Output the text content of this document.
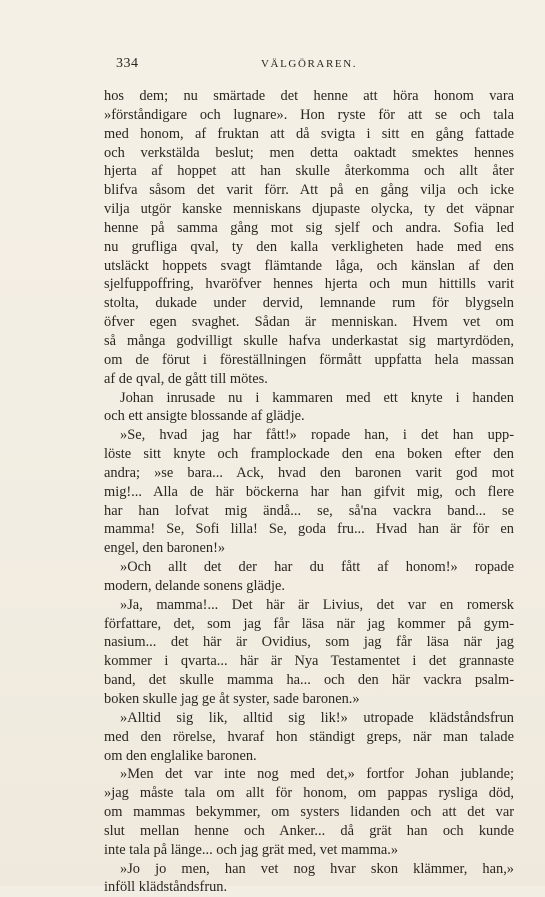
334	VÄLGÖRAREN.
hos dem; nu smärtade det henne att höra honom vara
»förståndigare och lugnare». Hon ryste för att se och tala
med honom, af fruktan att då svigta i sitt en gång fattade
och verkstälda beslut; men detta oaktadt smektes hennes
hjerta af hoppet att han skulle återkomma och allt åter
blifva såsom det varit förr. Att på en gång vilja och icke
vilja utgör kanske menniskans djupaste olycka, ty det väpnar
henne på samma gång mot sig sjelf och andra. Sofia led
nu grufliga qval, ty den kalla verkligheten hade med ens
utsläckt hoppets svagt flämtande låga, och känslan af den
sjelfuppoffring, hvaröfver hennes hjerta och mun hittills varit
stolta, dukade under dervid, lemnande rum för blygseln
öfver egen svaghet. Sådan är menniskan. Hvem vet om
så många godvilligt skulle hafva underkastat sig martyrdöden,
om de förut i föreställningen förmått uppfatta hela massan
af de qval, de gått till mötes.
Johan inrusade nu i kammaren med ett knyte i handen
och ett ansigte blossande af glädje.
»Se, hvad jag har fått!» ropade han, i det han upp-
löste sitt knyte och framplockade den ena boken efter den
andra; »se bara... Ack, hvad den baronen varit god mot
mig!... Alla de här böckerna har han gifvit mig, och flere
har han lofvat mig ändå... se, så'na vackra band... se
mamma! Se, Sofi lilla! Se, goda fru... Hvad han är för en
engel, den baronen!»
»Och allt det der har du fått af honom!» ropade
modern, delande sonens glädje.
»Ja, mamma!... Det här är Livius, det var en romersk
författare, det, som jag får läsa när jag kommer på gym-
nasium... det här är Ovidius, som jag får läsa när jag
kommer i qvarta... här är Nya Testamentet i det grannaste
band, det skulle mamma ha... och den här vackra psalm-
boken skulle jag ge åt syster, sade baronen.»
»Alltid sig lik, alltid sig lik!» utropade klädståndsfrun
med den rörelse, hvaraf hon ständigt greps, när man talade
om den englalike baronen.
»Men det var inte nog med det,» fortfor Johan jublande;
»jag måste tala om allt för honom, om pappas rysliga död,
om mammas bekymmer, om systers lidanden och att det var
slut mellan henne och Anker... då grät han och kunde
inte tala på länge... och jag grät med, vet mamma.»
»Jo jo men, han vet nog hvar skon klämmer, han,»
inföll klädståndsfrun.
